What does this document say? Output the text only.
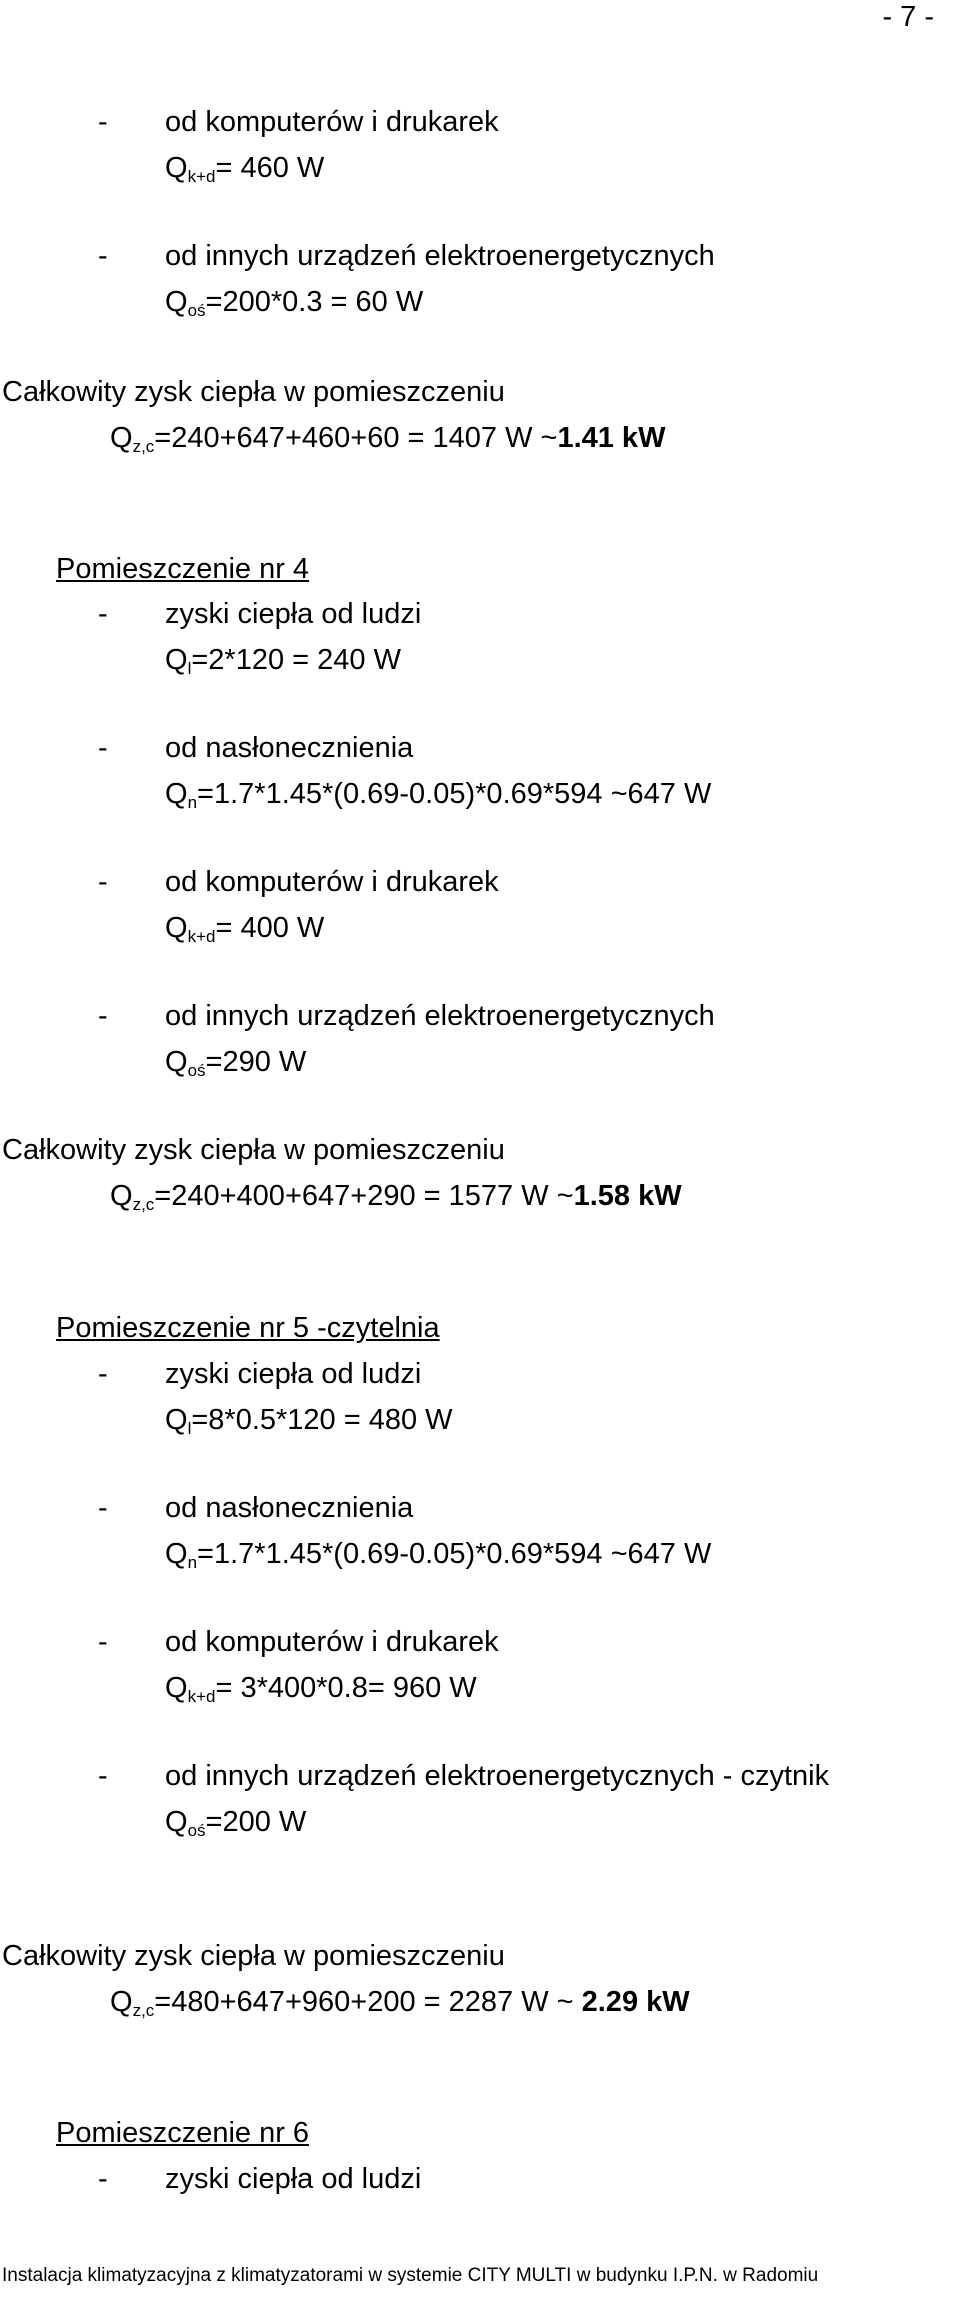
- 7 -
- od komputerów i drukarek
$Q_{k+d}= 460$ W
- od innych urządzeń elektroenergetycznych
$Q_{oś}=200*0.3 = 60$ W
Całkowity zysk ciepła w pomieszczeniu
$Q_{z,c}=240+647+460+60 = 1407$ W ~1.41 kW
Pomieszczenie nr 4
- zyski ciepła od ludzi
$Q_l=2*120 = 240$ W
- od nasłonecznienia
$Q_n=1.7*1.45*(0.69-0.05)*0.69*594$ ~647 W
- od komputerów i drukarek
$Q_{k+d}= 400$ W
- od innych urządzeń elektroenergetycznych
$Q_{oś}=290$ W
Całkowity zysk ciepła w pomieszczeniu
$Q_{z,c}=240+400+647+290 = 1577$ W ~1.58 kW
Pomieszczenie nr 5 -czytelnia
- zyski ciepła od ludzi
$Q_l=8*0.5*120 = 480$ W
- od nasłonecznienia
$Q_n=1.7*1.45*(0.69-0.05)*0.69*594$ ~647 W
- od komputerów i drukarek
$Q_{k+d}= 3*400*0.8= 960$ W
- od innych urządzeń elektroenergetycznych - czytnik
$Q_{oś}=200$ W
Całkowity zysk ciepła w pomieszczeniu
$Q_{z,c}=480+647+960+200 = 2287$ W ~ 2.29 kW
Pomieszczenie nr 6
- zyski ciepła od ludzi
Instalacja klimatyzacyjna z klimatyzatorami w systemie CITY MULTI w budynku I.P.N. w Radomiu
